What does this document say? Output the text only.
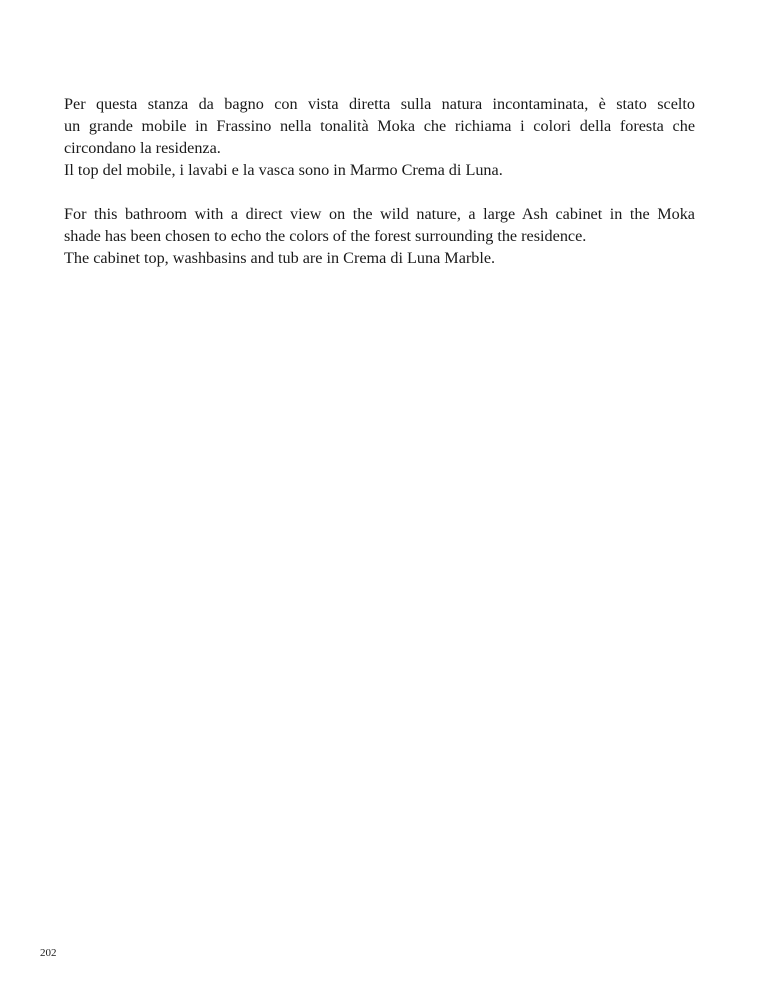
Per questa stanza da bagno con vista diretta sulla natura incontaminata, è stato scelto
un grande mobile in Frassino nella tonalità Moka che richiama i colori della foresta che
circondano la residenza.
Il top del mobile, i lavabi e la vasca sono in Marmo Crema di Luna.

For this bathroom with a direct view on the wild nature, a large Ash cabinet in the Moka
shade has been chosen to echo the colors of the forest surrounding the residence.
The cabinet top, washbasins and tub are in Crema di Luna Marble.

202
